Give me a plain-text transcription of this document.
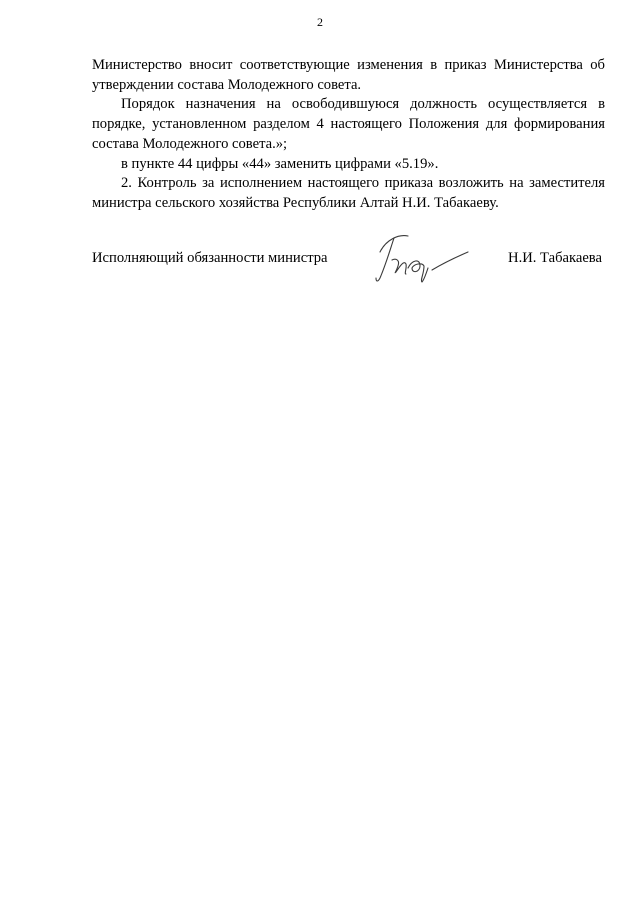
2

Министерство вносит соответствующие изменения в приказ Министерства об утверждении состава Молодежного совета.

Порядок назначения на освободившуюся должность осуществляется в порядке, установленном разделом 4 настоящего Положения для формирования состава Молодежного совета.»;

в пункте 44 цифры «44» заменить цифрами «5.19».

2. Контроль за исполнением настоящего приказа возложить на заместителя министра сельского хозяйства Республики Алтай Н.И. Табакаеву.

Исполняющий обязанности министра	Н.И. Табакаева
